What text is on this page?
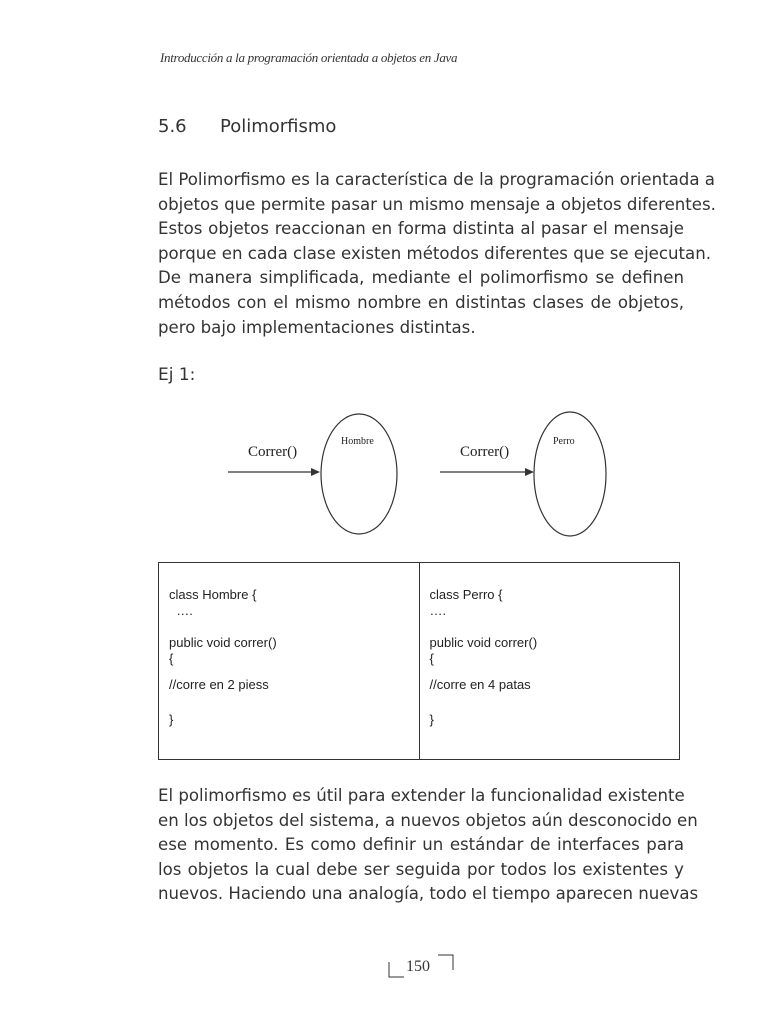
Introducción a la programación orientada a objetos en Java
5.6 Polimorfismo

El Polimorfismo es la característica de la programación orientada a
objetos que permite pasar un mismo mensaje a objetos diferentes.
Estos objetos reaccionan en forma distinta al pasar el mensaje
porque en cada clase existen métodos diferentes que se ejecutan.
De manera simplificada, mediante el polimorfismo se definen
métodos con el mismo nombre en distintas clases de objetos,
pero bajo implementaciones distintas.

Ej 1:
Correr()
Hombre
Correr()
Perro
class Hombre {
….
public void correr()
{
//corre en 2 piess
}
class Perro {
….
public void correr()
{
//corre en 4 patas
}

El polimorfismo es útil para extender la funcionalidad existente
en los objetos del sistema, a nuevos objetos aún desconocido en
ese momento. Es como definir un estándar de interfaces para
los objetos la cual debe ser seguida por todos los existentes y
nuevos. Haciendo una analogía, todo el tiempo aparecen nuevas

150
